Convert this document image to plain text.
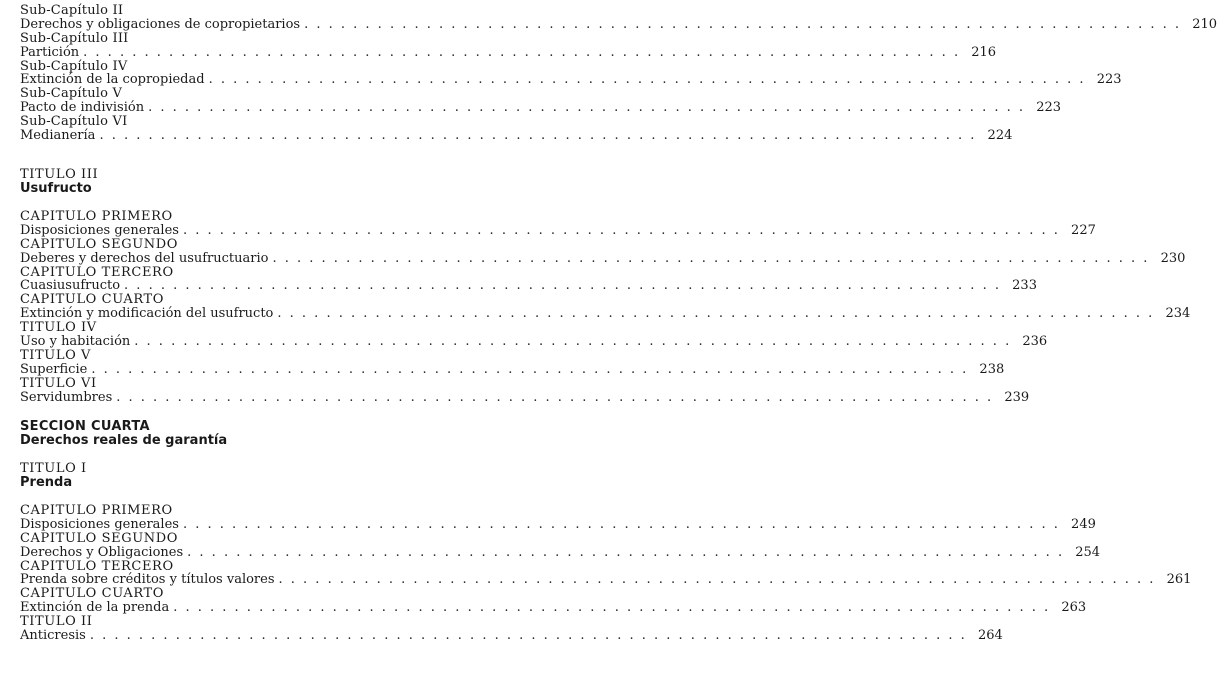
Sub-Capítulo II
Derechos y obligaciones de copropietarios . . . . . . . . . . . . . . . . . . . . . . . . . . . . . . . . . . . . . . . . . . . . . . . . . . . . . . . . . . . . . . . . . . . . . . . . 210
Sub-Capítulo III
Partición . . . . . . . . . . . . . . . . . . . . . . . . . . . . . . . . . . . . . . . . . . . . . . . . . . . . . . . . . . . . . . . . . . . . . . . . 216
Sub-Capítulo IV
Extinción de la copropiedad . . . . . . . . . . . . . . . . . . . . . . . . . . . . . . . . . . . . . . . . . . . . . . . . . . . . . . . . . . . . . . . . . . . . . . . . 223
Sub-Capítulo V
Pacto de indivisión . . . . . . . . . . . . . . . . . . . . . . . . . . . . . . . . . . . . . . . . . . . . . . . . . . . . . . . . . . . . . . . . . . . . . . . . 223
Sub-Capítulo VI
Medianería . . . . . . . . . . . . . . . . . . . . . . . . . . . . . . . . . . . . . . . . . . . . . . . . . . . . . . . . . . . . . . . . . . . . . . . . 224
TITULO III
Usufructo
CAPITULO PRIMERO
Disposiciones generales . . . . . . . . . . . . . . . . . . . . . . . . . . . . . . . . . . . . . . . . . . . . . . . . . . . . . . . . . . . . . . . . . . . . . . . . 227
CAPITULO SEGUNDO
Deberes y derechos del usufructuario . . . . . . . . . . . . . . . . . . . . . . . . . . . . . . . . . . . . . . . . . . . . . . . . . . . . . . . . . . . . . . . . . . . . . . . . 230
CAPITULO TERCERO
Cuasiusufructo . . . . . . . . . . . . . . . . . . . . . . . . . . . . . . . . . . . . . . . . . . . . . . . . . . . . . . . . . . . . . . . . . . . . . . . . 233
CAPITULO CUARTO
Extinción y modificación del usufructo . . . . . . . . . . . . . . . . . . . . . . . . . . . . . . . . . . . . . . . . . . . . . . . . . . . . . . . . . . . . . . . . . . . . . . . . 234
TITULO IV
Uso y habitación . . . . . . . . . . . . . . . . . . . . . . . . . . . . . . . . . . . . . . . . . . . . . . . . . . . . . . . . . . . . . . . . . . . . . . . . 236
TITULO V
Superficie . . . . . . . . . . . . . . . . . . . . . . . . . . . . . . . . . . . . . . . . . . . . . . . . . . . . . . . . . . . . . . . . . . . . . . . . 238
TITULO VI
Servidumbres . . . . . . . . . . . . . . . . . . . . . . . . . . . . . . . . . . . . . . . . . . . . . . . . . . . . . . . . . . . . . . . . . . . . . . . . 239
SECCION CUARTA
Derechos reales de garantía
TITULO I
Prenda
CAPITULO PRIMERO
Disposiciones generales . . . . . . . . . . . . . . . . . . . . . . . . . . . . . . . . . . . . . . . . . . . . . . . . . . . . . . . . . . . . . . . . . . . . . . . . 249
CAPITULO SEGUNDO
Derechos y Obligaciones . . . . . . . . . . . . . . . . . . . . . . . . . . . . . . . . . . . . . . . . . . . . . . . . . . . . . . . . . . . . . . . . . . . . . . . . 254
CAPITULO TERCERO
Prenda sobre créditos y títulos valores . . . . . . . . . . . . . . . . . . . . . . . . . . . . . . . . . . . . . . . . . . . . . . . . . . . . . . . . . . . . . . . . . . . . . . . . 261
CAPITULO CUARTO
Extinción de la prenda . . . . . . . . . . . . . . . . . . . . . . . . . . . . . . . . . . . . . . . . . . . . . . . . . . . . . . . . . . . . . . . . . . . . . . . . 263
TITULO II
Anticresis . . . . . . . . . . . . . . . . . . . . . . . . . . . . . . . . . . . . . . . . . . . . . . . . . . . . . . . . . . . . . . . . . . . . . . . . 264
